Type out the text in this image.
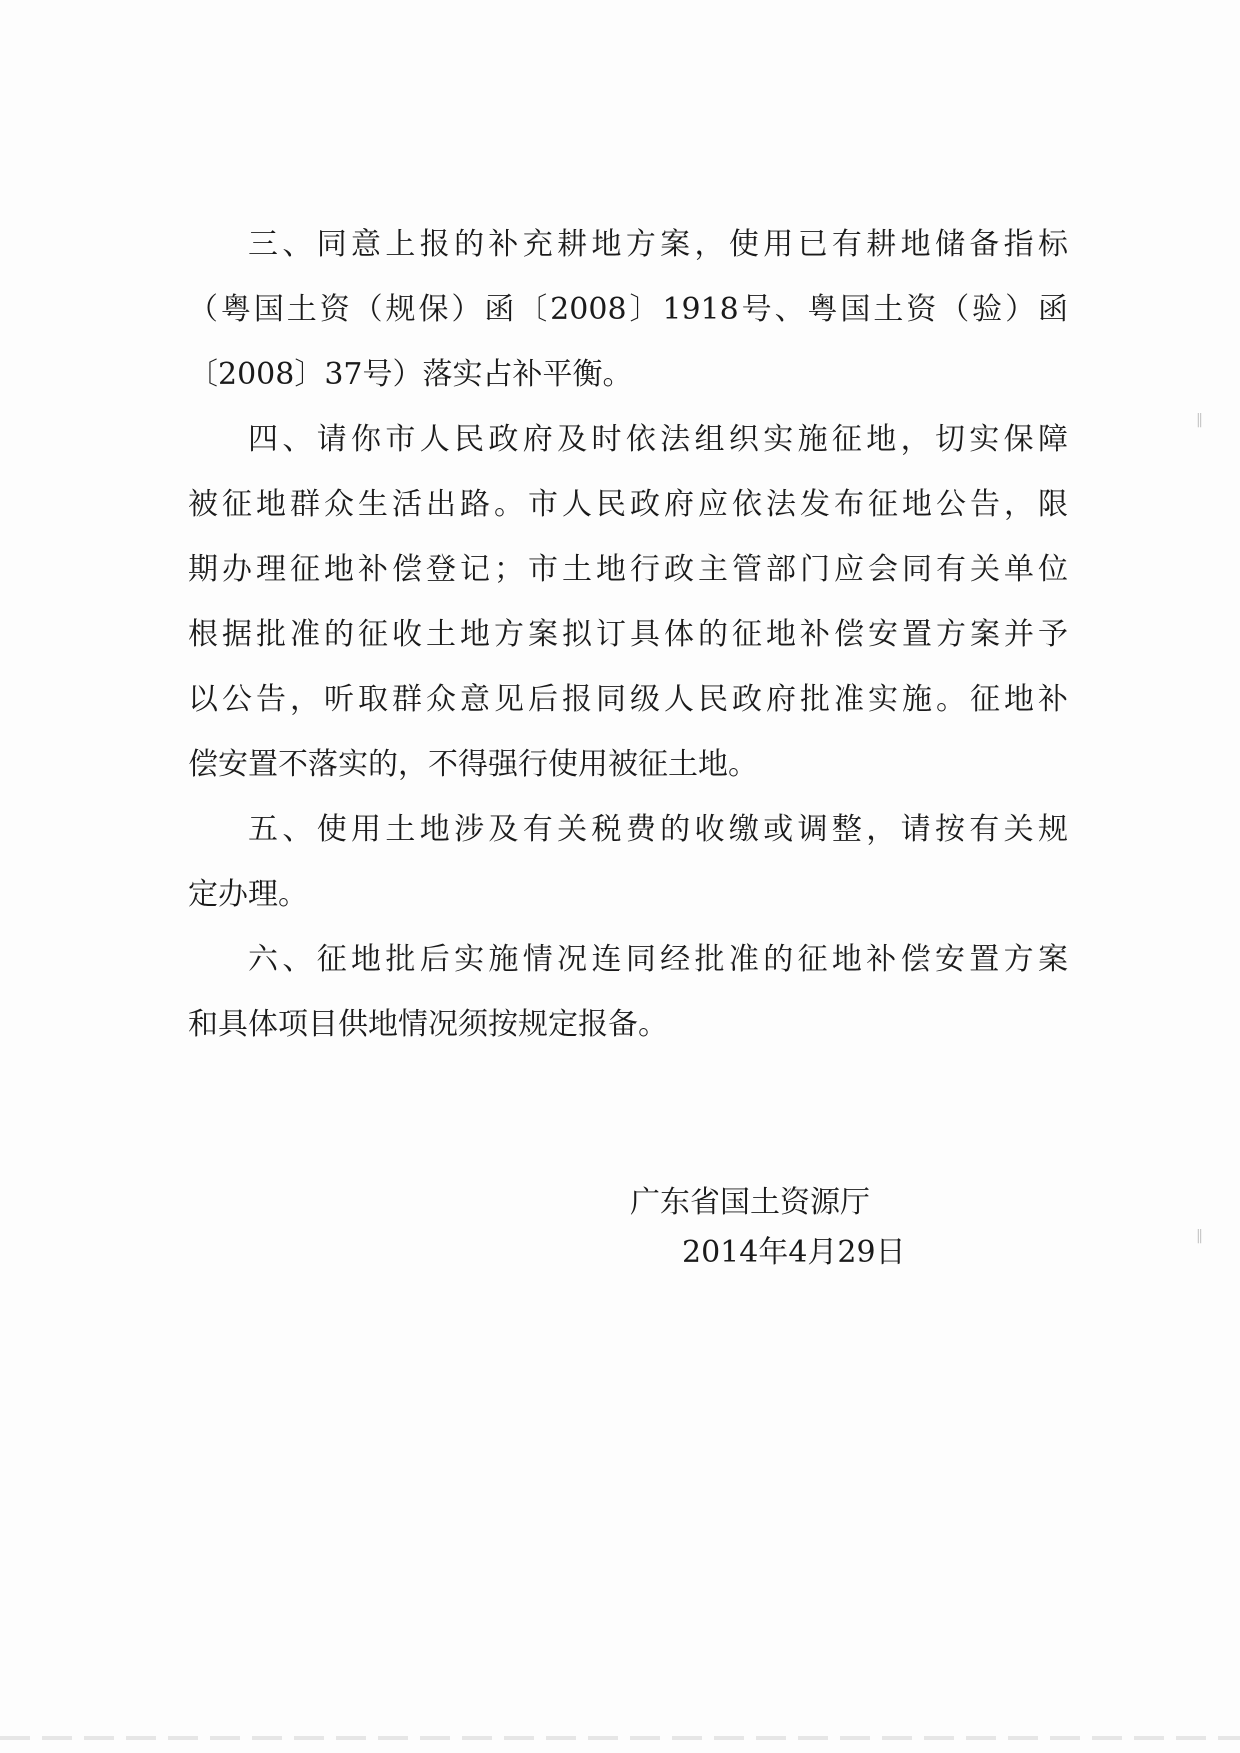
三、同意上报的补充耕地方案，使用已有耕地储备指标
（粤国土资（规保）函〔2008〕1918号、粤国土资（验）函
〔2008〕37号）落实占补平衡。
四、请你市人民政府及时依法组织实施征地，切实保障
被征地群众生活出路。市人民政府应依法发布征地公告，限
期办理征地补偿登记；市土地行政主管部门应会同有关单位
根据批准的征收土地方案拟订具体的征地补偿安置方案并予
以公告，听取群众意见后报同级人民政府批准实施。征地补
偿安置不落实的，不得强行使用被征土地。
五、使用土地涉及有关税费的收缴或调整，请按有关规
定办理。
六、征地批后实施情况连同经批准的征地补偿安置方案
和具体项目供地情况须按规定报备。
广东省国土资源厅
2014年4月29日
‖
‖
